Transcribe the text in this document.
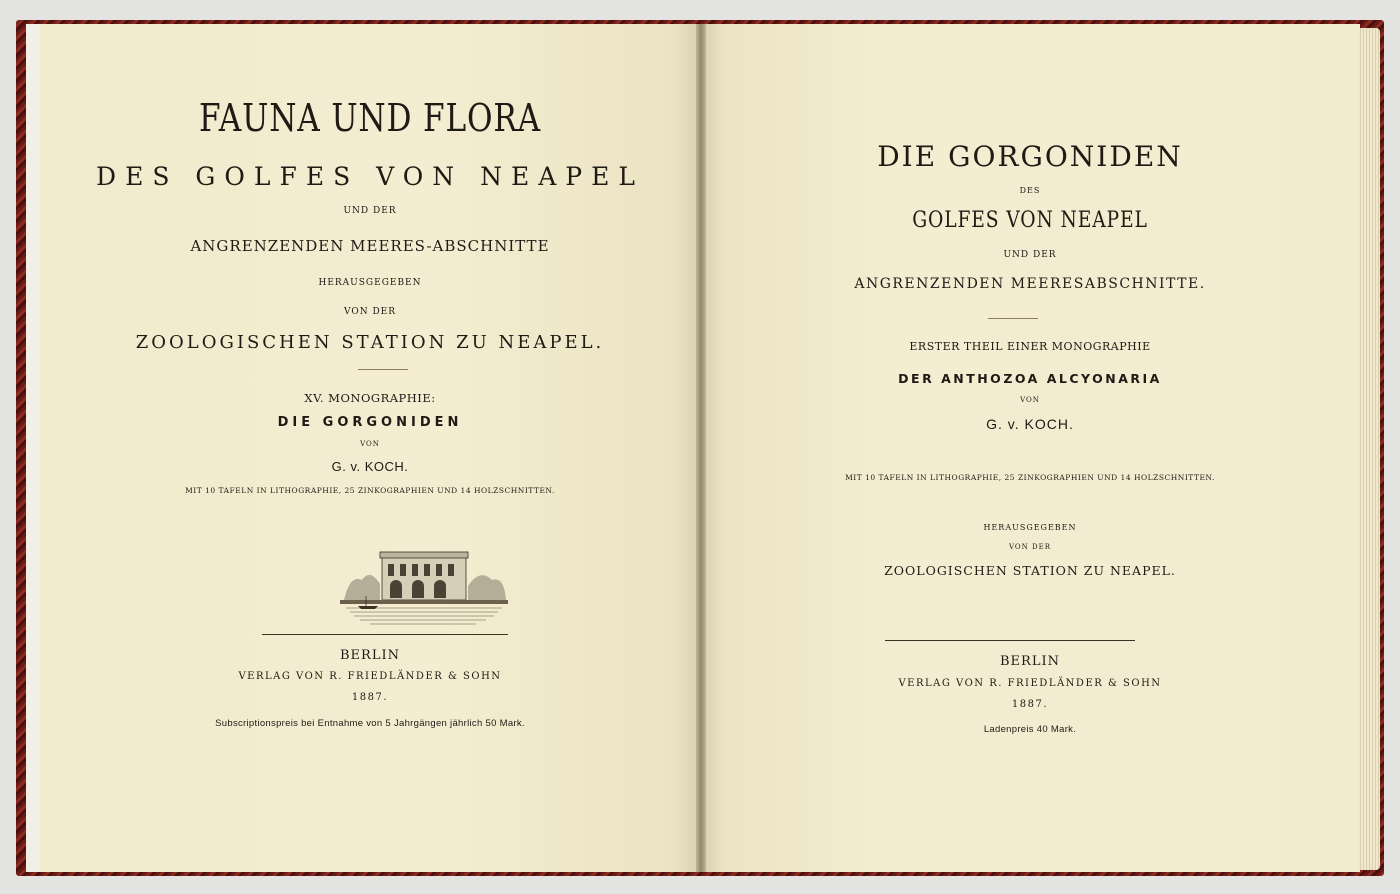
FAUNA UND FLORA
DES GOLFES VON NEAPEL
UND DER
ANGRENZENDEN MEERES-ABSCHNITTE
HERAUSGEGEBEN
VON DER
ZOOLOGISCHEN STATION ZU NEAPEL.
XV. MONOGRAPHIE:
DIE GORGONIDEN
VON
G. v. KOCH.
MIT 10 TAFELN IN LITHOGRAPHIE, 25 ZINKOGRAPHIEN UND 14 HOLZSCHNITTEN.
BERLIN
VERLAG VON R. FRIEDLÄNDER & SOHN
1887.
Subscriptionspreis bei Entnahme von 5 Jahrgängen jährlich 50 Mark.
DIE GORGONIDEN
DES
GOLFES VON NEAPEL
UND DER
ANGRENZENDEN MEERESABSCHNITTE.
ERSTER THEIL EINER MONOGRAPHIE
DER ANTHOZOA ALCYONARIA
VON
G. v. KOCH.
MIT 10 TAFELN IN LITHOGRAPHIE, 25 ZINKOGRAPHIEN UND 14 HOLZSCHNITTEN.
HERAUSGEGEBEN
VON DER
ZOOLOGISCHEN STATION ZU NEAPEL.
BERLIN
VERLAG VON R. FRIEDLÄNDER & SOHN
1887.
Ladenpreis 40 Mark.
